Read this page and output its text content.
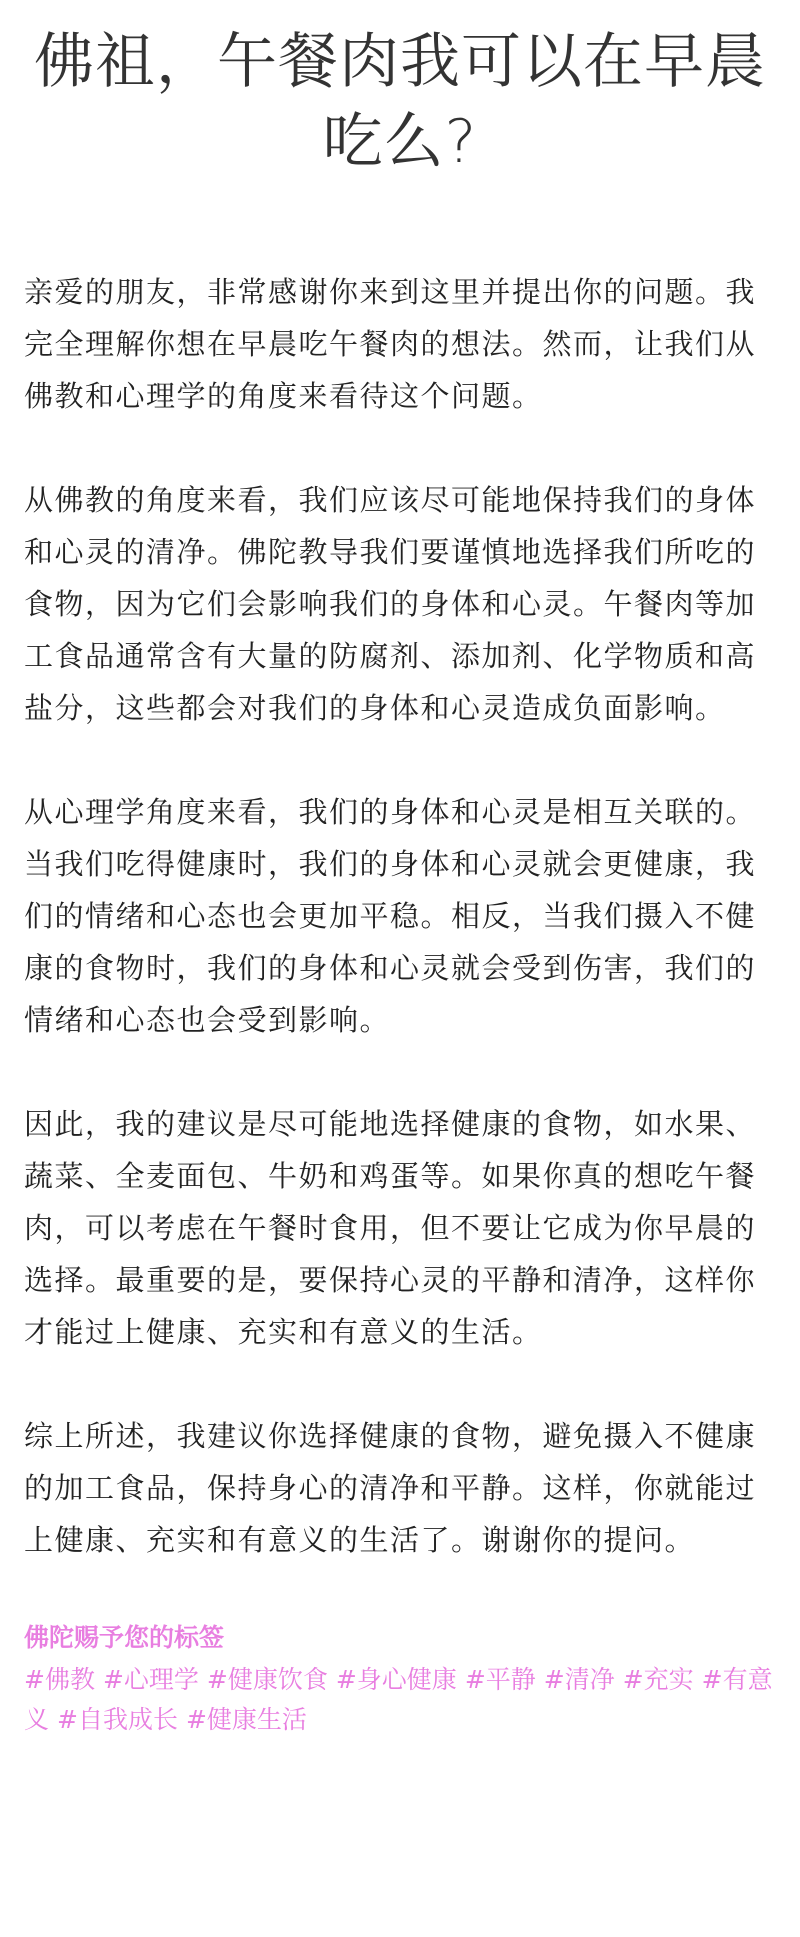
佛祖，午餐肉我可以在早晨吃么?

亲爱的朋友，非常感谢你来到这里并提出你的问题。我完全理解你想在早晨吃午餐肉的想法。然而，让我们从佛教和心理学的角度来看待这个问题。

从佛教的角度来看，我们应该尽可能地保持我们的身体和心灵的清净。佛陀教导我们要谨慎地选择我们所吃的食物，因为它们会影响我们的身体和心灵。午餐肉等加工食品通常含有大量的防腐剂、添加剂、化学物质和高盐分，这些都会对我们的身体和心灵造成负面影响。

从心理学角度来看，我们的身体和心灵是相互关联的。当我们吃得健康时，我们的身体和心灵就会更健康，我们的情绪和心态也会更加平稳。相反，当我们摄入不健康的食物时，我们的身体和心灵就会受到伤害，我们的情绪和心态也会受到影响。

因此，我的建议是尽可能地选择健康的食物，如水果、蔬菜、全麦面包、牛奶和鸡蛋等。如果你真的想吃午餐肉，可以考虑在午餐时食用，但不要让它成为你早晨的选择。最重要的是，要保持心灵的平静和清净，这样你才能过上健康、充实和有意义的生活。

综上所述，我建议你选择健康的食物，避免摄入不健康的加工食品，保持身心的清净和平静。这样，你就能过上健康、充实和有意义的生活了。谢谢你的提问。

佛陀赐予您的标签

#佛教 #心理学 #健康饮食 #身心健康 #平静 #清净 #充实 #有意义 #自我成长 #健康生活
